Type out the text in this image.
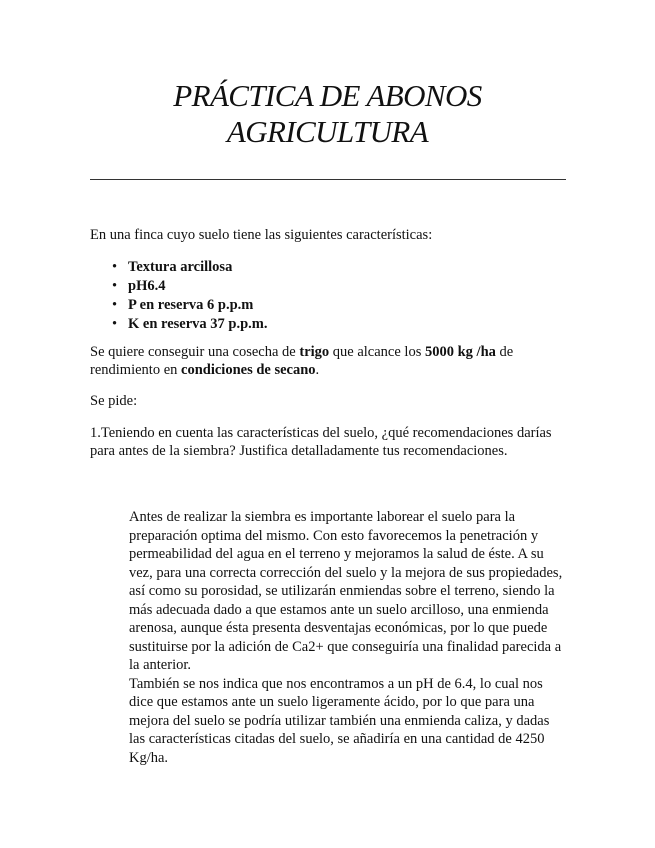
PRÁCTICA DE ABONOS
AGRICULTURA
En una finca cuyo suelo tiene las siguientes características:
• Textura arcillosa
• pH6.4
• P en reserva 6 p.p.m
• K en reserva 37 p.p.m.

Se quiere conseguir una cosecha de trigo que alcance los 5000 kg /ha de rendimiento en condiciones de secano.

Se pide:

1.Teniendo en cuenta las características del suelo, ¿qué recomendaciones darías para antes de la siembra? Justifica detalladamente tus recomendaciones.

Antes de realizar la siembra es importante laborear el suelo para la preparación optima del mismo. Con esto favorecemos la penetración y permeabilidad del agua en el terreno y mejoramos la salud de éste. A su vez, para una correcta corrección del suelo y la mejora de sus propiedades, así como su porosidad, se utilizarán enmiendas sobre el terreno, siendo la más adecuada dado a que estamos ante un suelo arcilloso, una enmienda arenosa, aunque ésta presenta desventajas económicas, por lo que puede sustituirse por la adición de Ca2+ que conseguiría una finalidad parecida a la anterior.

También se nos indica que nos encontramos a un pH de 6.4, lo cual nos dice que estamos ante un suelo ligeramente ácido, por lo que para una mejora del suelo se podría utilizar también una enmienda caliza, y dadas las características citadas del suelo, se añadiría en una cantidad de 4250 Kg/ha.
